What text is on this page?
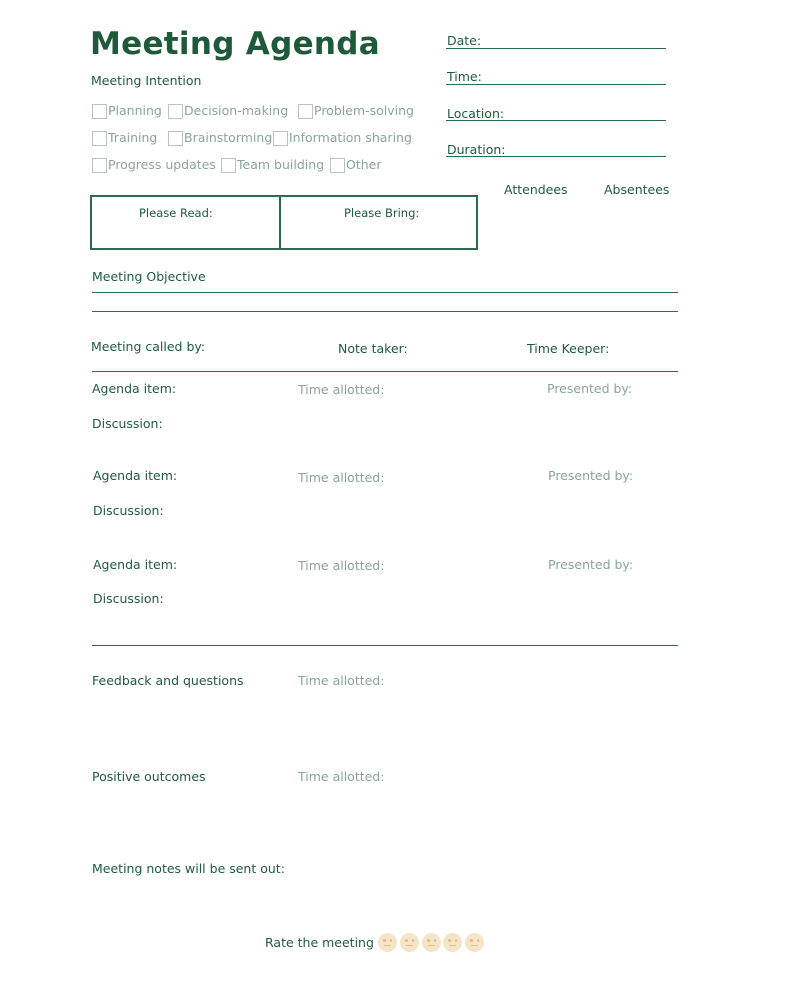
Meeting Agenda
Meeting Intention
Planning Decision-making Problem-solving
Training Brainstorming Information sharing
Progress updates Team building Other
Date:
Time:
Location:
Duration:
Attendees	Absentees
Please Read:	Please Bring:
Meeting Objective
Meeting called by:	Note taker:	Time Keeper:
Agenda item:	Time allotted:	Presented by:
Discussion:
Agenda item:	Time allotted:	Presented by:
Discussion:
Agenda item:	Time allotted:	Presented by:
Discussion:
Feedback and questions	Time allotted:
Positive outcomes	Time allotted:
Meeting notes will be sent out:
Rate the meeting
